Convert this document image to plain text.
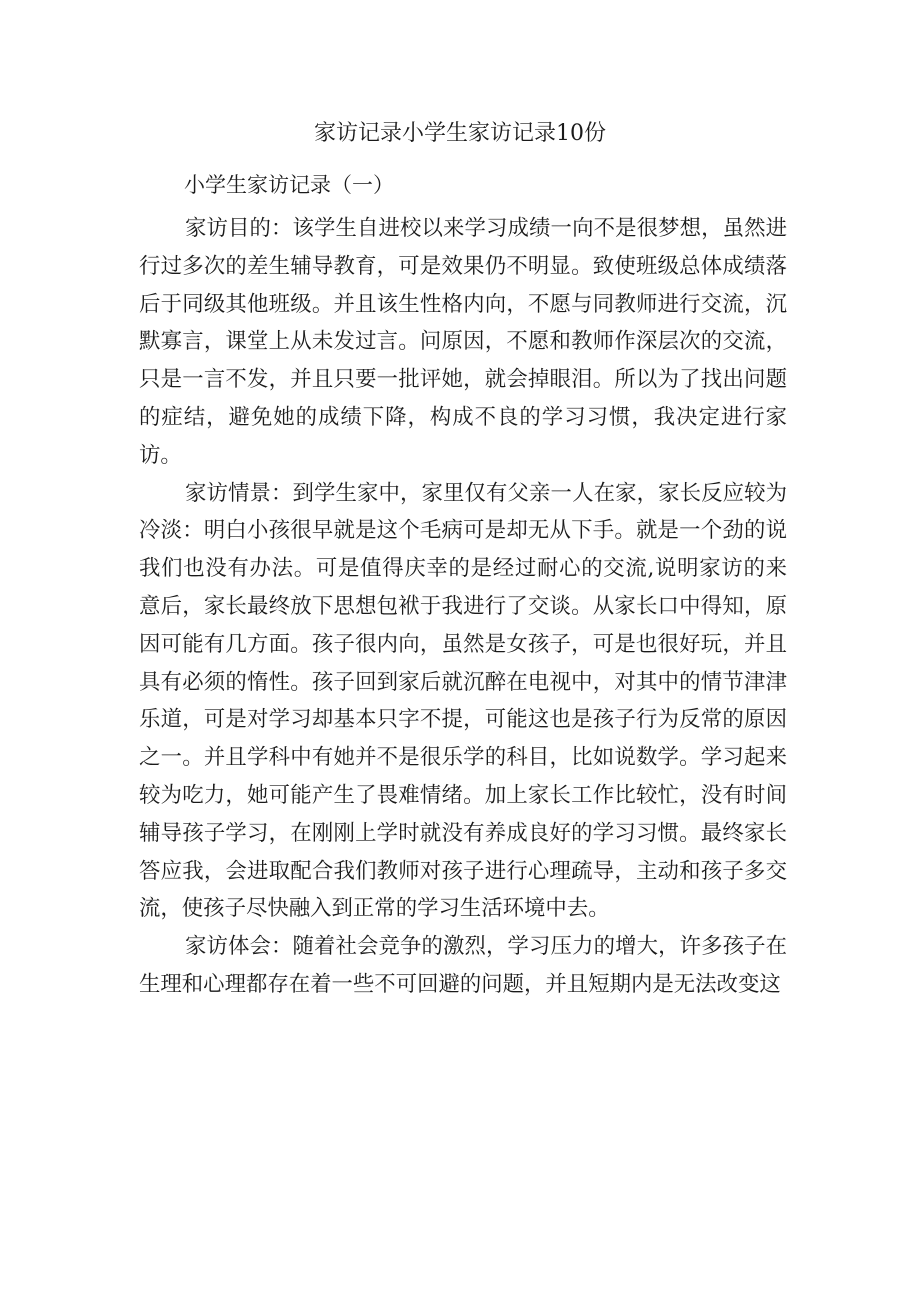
家访记录小学生家访记录10份

小学生家访记录（一）

家访目的：该学生自进校以来学习成绩一向不是很梦想，虽然进行过多次的差生辅导教育，可是效果仍不明显。致使班级总体成绩落后于同级其他班级。并且该生性格内向，不愿与同教师进行交流，沉默寡言，课堂上从未发过言。问原因，不愿和教师作深层次的交流，只是一言不发，并且只要一批评她，就会掉眼泪。所以为了找出问题的症结，避免她的成绩下降，构成不良的学习习惯，我决定进行家访。

家访情景：到学生家中，家里仅有父亲一人在家，家长反应较为冷淡：明白小孩很早就是这个毛病可是却无从下手。就是一个劲的说我们也没有办法。可是值得庆幸的是经过耐心的交流,说明家访的来意后，家长最终放下思想包袱于我进行了交谈。从家长口中得知，原因可能有几方面。孩子很内向，虽然是女孩子，可是也很好玩，并且具有必须的惰性。孩子回到家后就沉醉在电视中，对其中的情节津津乐道，可是对学习却基本只字不提，可能这也是孩子行为反常的原因之一。并且学科中有她并不是很乐学的科目，比如说数学。学习起来较为吃力，她可能产生了畏难情绪。加上家长工作比较忙，没有时间辅导孩子学习，在刚刚上学时就没有养成良好的学习习惯。最终家长答应我，会进取配合我们教师对孩子进行心理疏导，主动和孩子多交流，使孩子尽快融入到正常的学习生活环境中去。

家访体会：随着社会竞争的激烈，学习压力的增大，许多孩子在生理和心理都存在着一些不可回避的问题，并且短期内是无法改变这
